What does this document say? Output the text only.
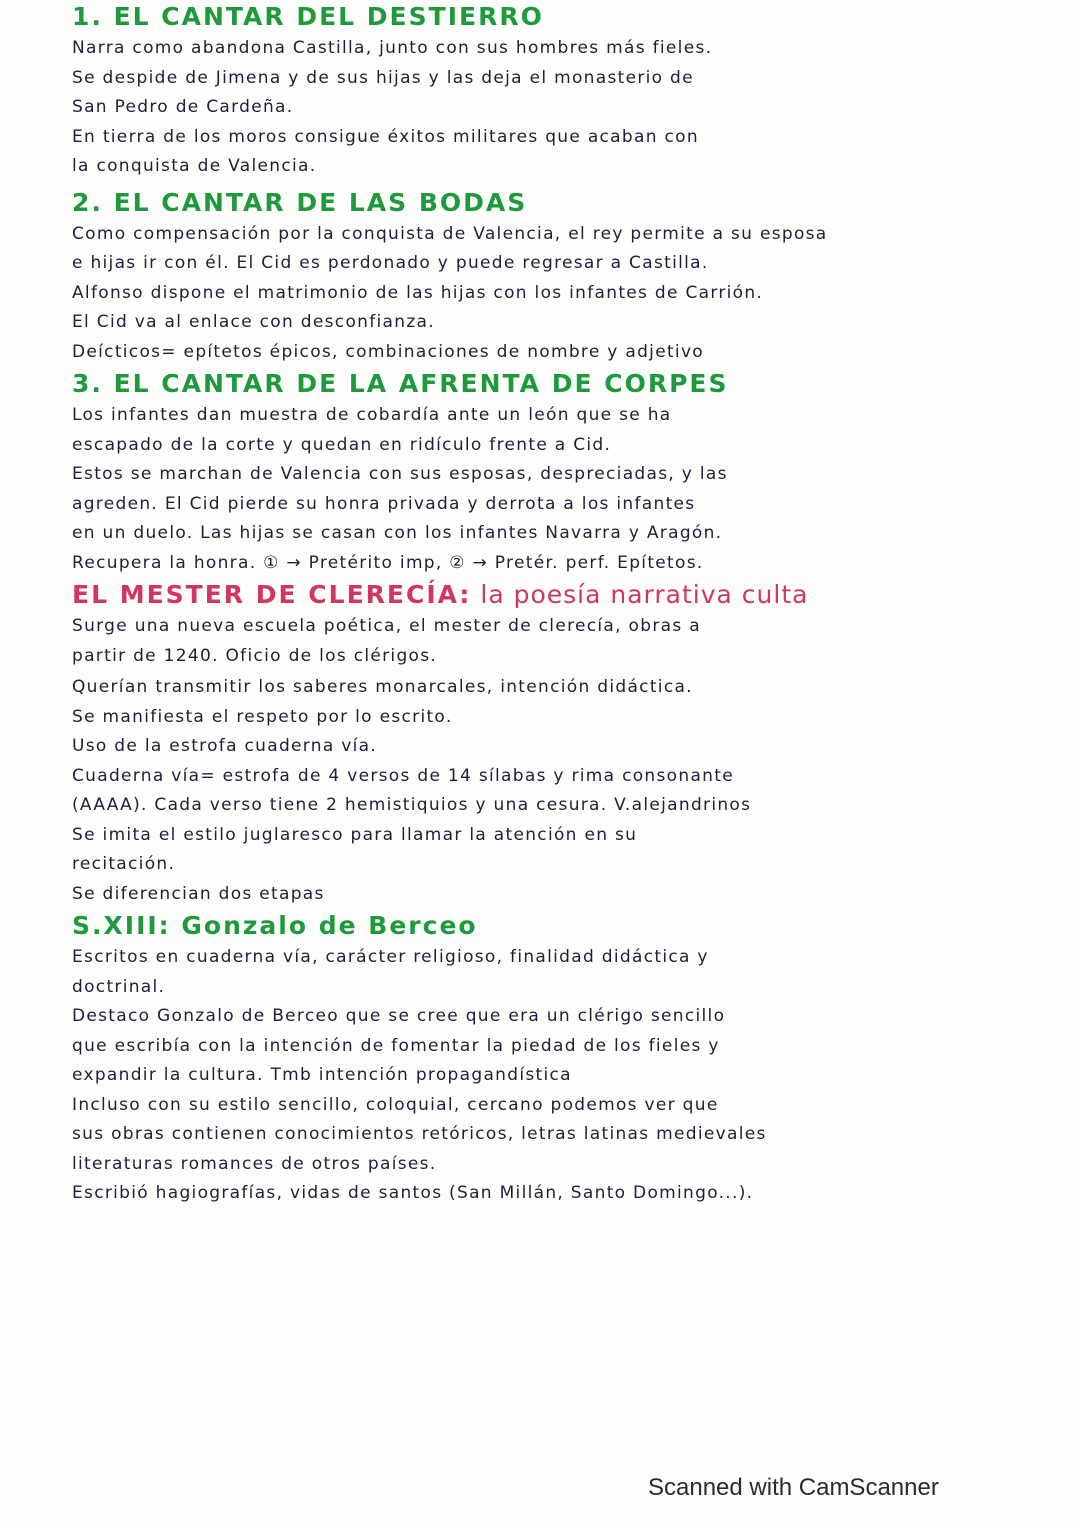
1. EL CANTAR DEL DESTIERRO
Narra como abandona Castilla, junto con sus hombres más fieles.
Se despide de Jimena y de sus hijas y las deja el monasterio de
San Pedro de Cardeña.
En tierra de los moros consigue éxitos militares que acaban con
la conquista de Valencia.
2. EL CANTAR DE LAS BODAS
Como compensación por la conquista de Valencia, el rey permite a su esposa
e hijas ir con él. El Cid es perdonado y puede regresar a Castilla.
Alfonso dispone el matrimonio de las hijas con los infantes de Carrión.
El Cid va al enlace con desconfianza.
Deícticos= epítetos épicos, combinaciones de nombre y adjetivo
3. EL CANTAR DE LA AFRENTA DE CORPES
Los infantes dan muestra de cobardía ante un león que se ha
escapado de la corte y quedan en ridículo frente a Cid.
Estos se marchan de Valencia con sus esposas, despreciadas, y las
agreden. El Cid pierde su honra privada y derrota a los infantes
en un duelo. Las hijas se casan con los infantes Navarra y Aragón.
Recupera la honra. ① → Pretérito imp, ② → Pretér. perf. Epítetos.
EL MESTER DE CLERECÍA: la poesía narrativa culta
Surge una nueva escuela poética, el mester de clerecía, obras a
partir de 1240. Oficio de los clérigos.
Querían transmitir los saberes monarcales, intención didáctica.
Se manifiesta el respeto por lo escrito.
Uso de la estrofa cuaderna vía.
Cuaderna vía= estrofa de 4 versos de 14 sílabas y rima consonante
(AAAA). Cada verso tiene 2 hemistiquios y una cesura. V.alejandrinos
Se imita el estilo juglaresco para llamar la atención en su
recitación.
Se diferencian dos etapas
S.XIII: Gonzalo de Berceo
Escritos en cuaderna vía, carácter religioso, finalidad didáctica y
doctrinal.
Destaco Gonzalo de Berceo que se cree que era un clérigo sencillo
que escribía con la intención de fomentar la piedad de los fieles y
expandir la cultura. Tmb intención propagandística
Incluso con su estilo sencillo, coloquial, cercano podemos ver que
sus obras contienen conocimientos retóricos, letras latinas medievales
literaturas romances de otros países.
Escribió hagiografías, vidas de santos (San Millán, Santo Domingo...).
Scanned with CamScanner
